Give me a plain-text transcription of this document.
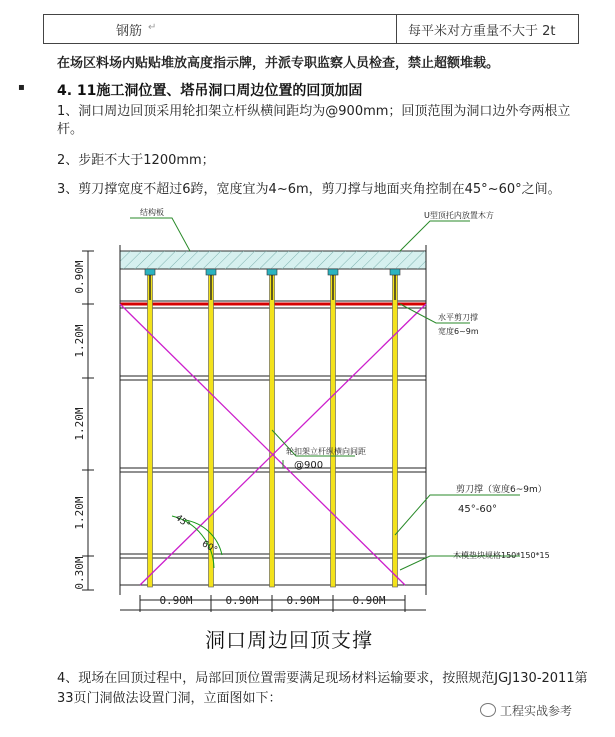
钢筋 ↵	每平米对方重量不大于 2t
在场区料场内贴贴堆放高度指示牌，并派专职监察人员检查，禁止超额堆载。
▪ 4. 11施工洞位置、塔吊洞口周边位置的回顶加固
1、洞口周边回顶采用轮扣架立杆纵横间距均为@900mm；回顶范围为洞口边外夸两根立杆。
2、步距不大于1200mm；
3、剪刀撑宽度不超过6跨，宽度宜为4~6m，剪刀撑与地面夹角控制在45°~60°之间。
0.90M
1.20M
1.20M
1.20M
0.30M
0.90M	0.90M	0.90M	0.90M
结构板	U型顶托内放置木方
水平剪刀撑
宽度6~9m
轮扣架立杆纵横向间距
@900
剪刀撑（宽度6~9m）
45°-60°
木模垫块规格150*150*15
45°
60°
洞口周边回顶支撑
4、现场在回顶过程中，局部回顶位置需要满足现场材料运输要求，按照规范JGJ130-2011第33页门洞做法设置门洞，立面图如下：
工程实战参考
